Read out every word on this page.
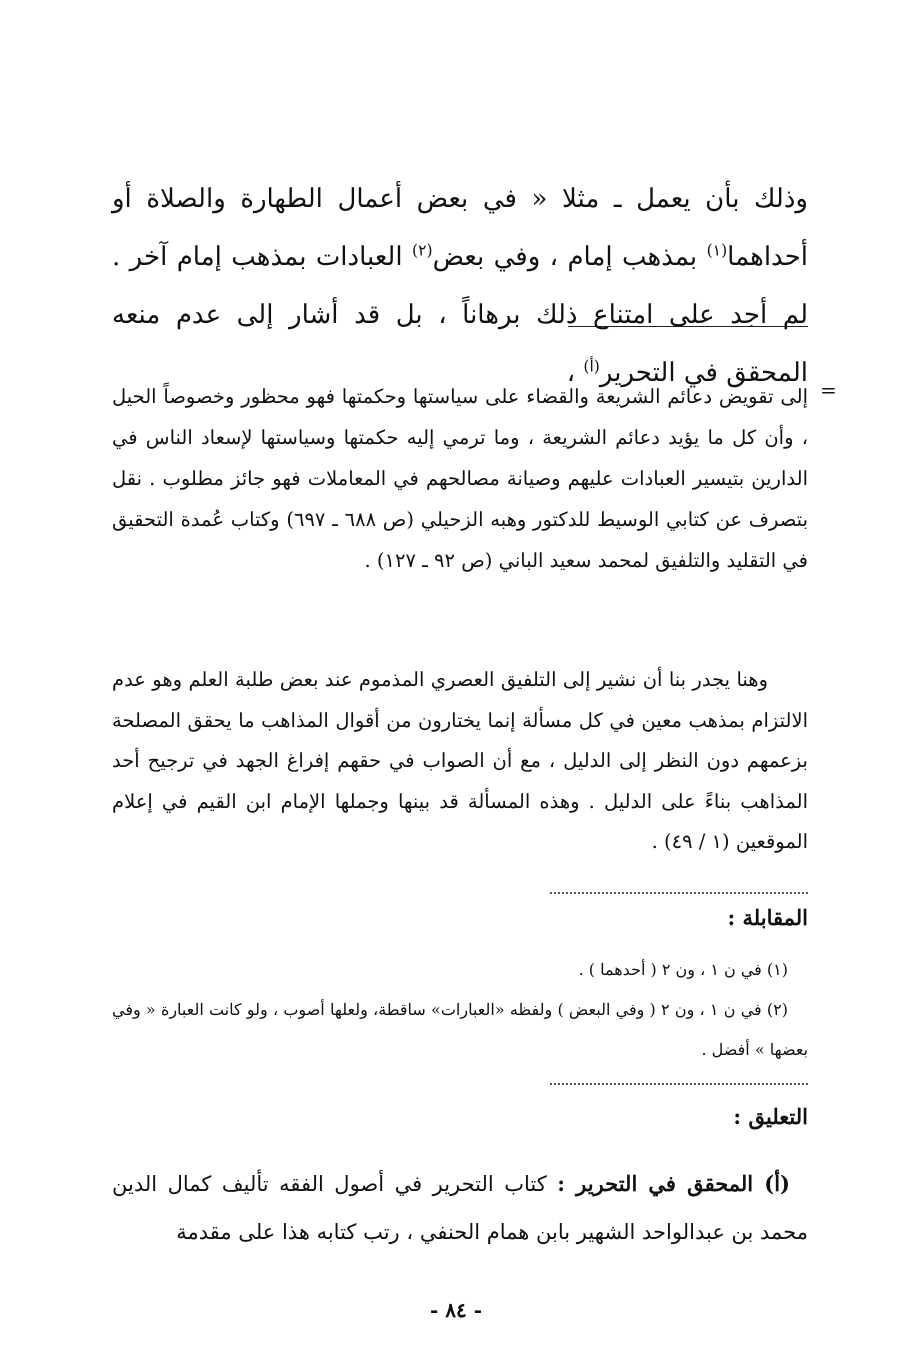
وذلك بأن يعمل ـ مثلا « في بعض أعمال الطهارة والصلاة أو أحداهما$^{(١)}$ بمذهب إمام ، وفي بعض$^{(٢)}$ العبادات بمذهب إمام آخر . لم أجد على امتناع ذلك برهاناً ، بل قد أشار إلى عدم منعه المحقق في التحرير$^{(أ)}$ ،
=
إلى تقويض دعائم الشريعة والقضاء على سياستها وحكمتها فهو محظور وخصوصاً الحيل ، وأن كل ما يؤيد دعائم الشريعة ، وما ترمي إليه حكمتها وسياستها لإسعاد الناس في الدارين بتيسير العبادات عليهم وصيانة مصالحهم في المعاملات فهو جائز مطلوب . نقل بتصرف عن كتابي الوسيط للدكتور وهبه الزحيلي (ص ٦٨٨ ـ ٦٩٧) وكتاب عُمدة التحقيق في التقليد والتلفيق لمحمد سعيد الباني (ص ٩٢ ـ ١٢٧) .
وهنا يجدر بنا أن نشير إلى التلفيق العصري المذموم عند بعض طلبة العلم وهو عدم الالتزام بمذهب معين في كل مسألة إنما يختارون من أقوال المذاهب ما يحقق المصلحة بزعمهم دون النظر إلى الدليل ، مع أن الصواب في حقهم إفراغ الجهد في ترجيح أحد المذاهب بناءً على الدليل . وهذه المسألة قد بينها وجملها الإمام ابن القيم في إعلام الموقعين (١ / ٤٩) .
المقابلة :

(١) في ن ١ ، ون ٢ ( أحدهما ) .

(٢) في ن ١ ، ون ٢ ( وفي البعض ) ولفظه «العبارات» ساقطة، ولعلها أصوب ، ولو كانت العبارة « وفي بعضها » أفضل .

التعليق :
(أ) المحقق في التحرير : كتاب التحرير في أصول الفقه تأليف كمال الدين محمد بن عبدالواحد الشهير بابن همام الحنفي ، رتب كتابه هذا على مقدمة
- ٨٤ -
